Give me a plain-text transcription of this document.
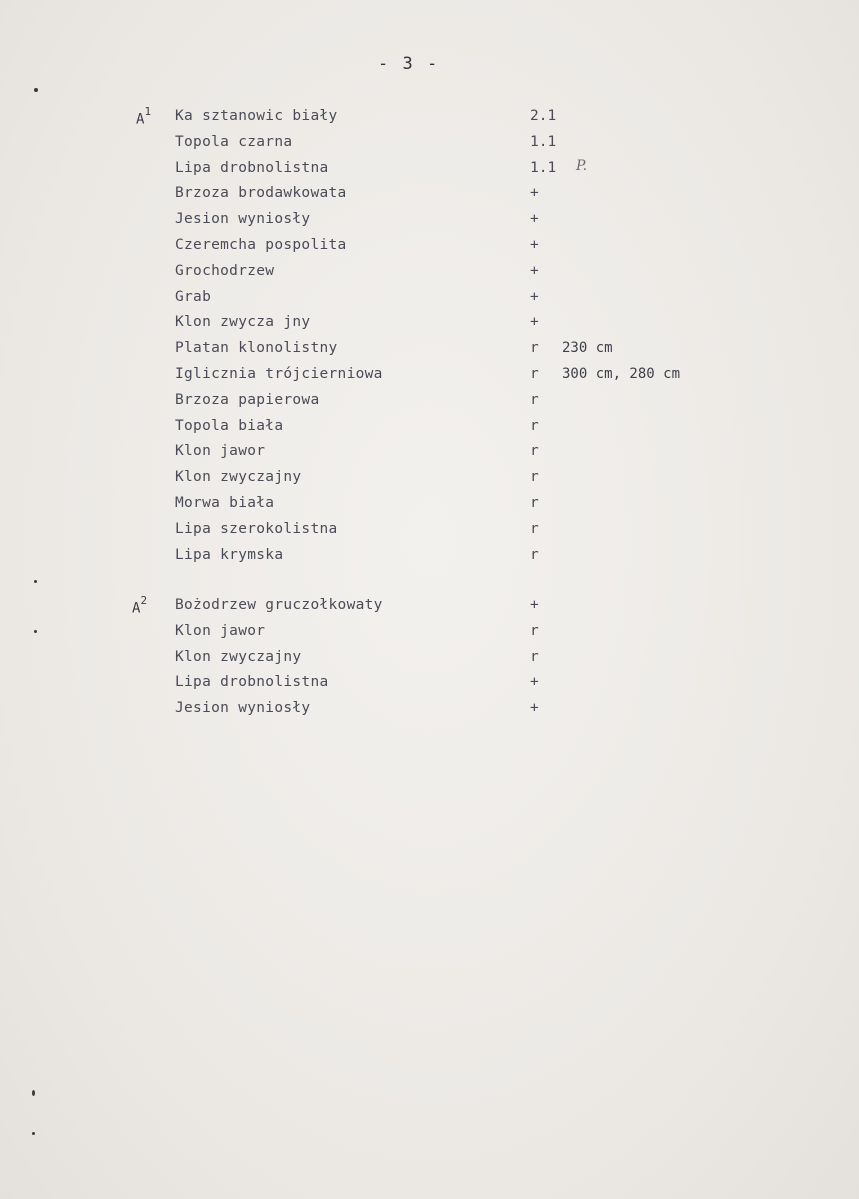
- 3 -
$A^1$ Ka sztanowic biały	2.1
Topola czarna	1.1
Lipa drobnolistna	1.1 P.
Brzoza brodawkowata	+
Jesion wyniosły	+
Czeremcha pospolita	+
Grochodrzew	+
Grab	+
Klon zwycza jny	+
Platan klonolistny	r 230 cm
Iglicznia trójcierniowa	r 300 cm, 280 cm
Brzoza papierowa	r
Topola biała	r
Klon jawor	r
Klon zwyczajny	r
Morwa biała	r
Lipa szerokolistna	r
Lipa krymska	r
$A^2$ Bożodrzew gruczołkowaty	+
Klon jawor	r
Klon zwyczajny	r
Lipa drobnolistna	+
Jesion wyniosły	+
